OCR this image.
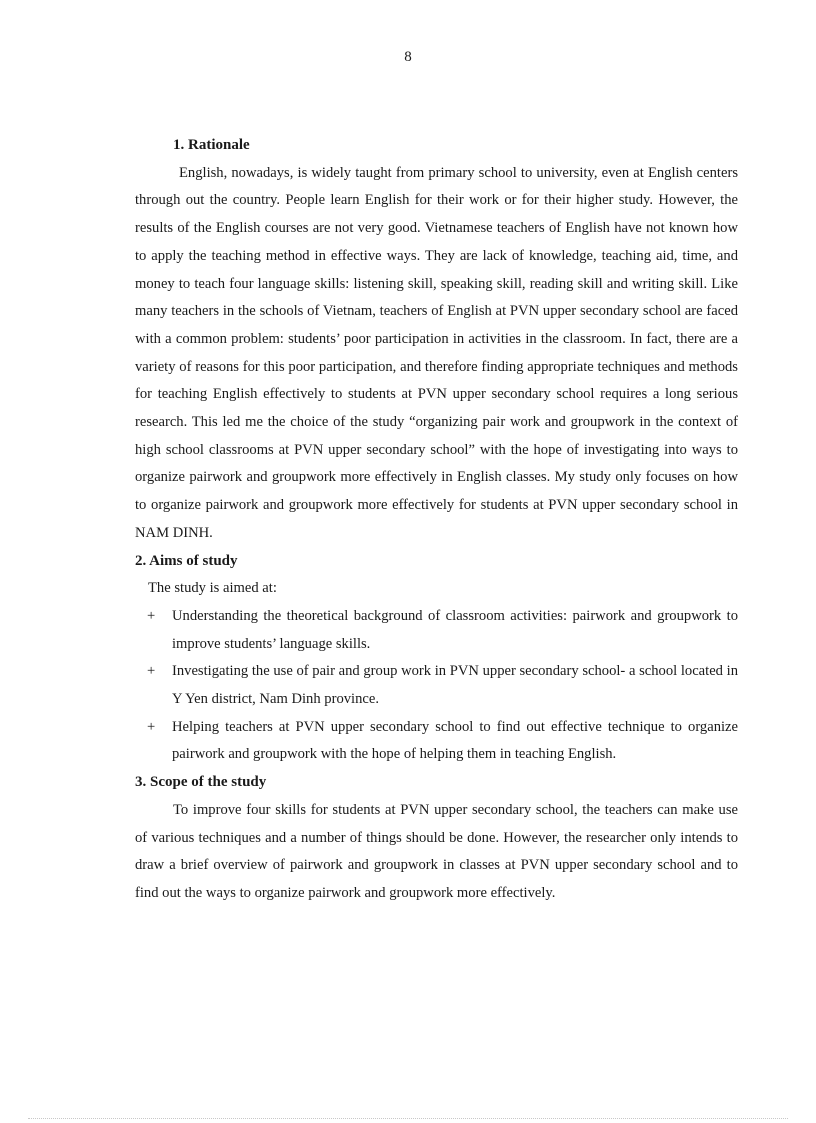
8
1. Rationale

English, nowadays, is widely taught from primary school to university, even at English centers through out the country. People learn English for their work or for their higher study. However, the results of the English courses are not very good. Vietnamese teachers of English have not known how to apply the teaching method in effective ways. They are lack of knowledge, teaching aid, time, and money to teach four language skills: listening skill, speaking skill, reading skill and writing skill. Like many teachers in the schools of Vietnam, teachers of English at PVN upper secondary school are faced with a common problem: students’ poor participation in activities in the classroom. In fact, there are a variety of reasons for this poor participation, and therefore finding appropriate techniques and methods for teaching English effectively to students at PVN upper secondary school requires a long serious research. This led me the choice of the study “organizing pair work and groupwork in the context of high school classrooms at PVN upper secondary school” with the hope of investigating into ways to organize pairwork and groupwork more effectively in English classes. My study only focuses on how to organize pairwork and groupwork more effectively for students at PVN upper secondary school in NAM DINH.

2. Aims of study

The study is aimed at:

+ Understanding the theoretical background of classroom activities: pairwork and groupwork to improve students’ language skills.
+ Investigating the use of pair and group work in PVN upper secondary school- a school located in Y Yen district, Nam Dinh province.
+ Helping teachers at PVN upper secondary school to find out effective technique to organize pairwork and groupwork with the hope of helping them in teaching English.
3. Scope of the study

To improve four skills for students at PVN upper secondary school, the teachers can make use of various techniques and a number of things should be done. However, the researcher only intends to draw a brief overview of pairwork and groupwork in classes at PVN upper secondary school and to find out the ways to organize pairwork and groupwork more effectively.
